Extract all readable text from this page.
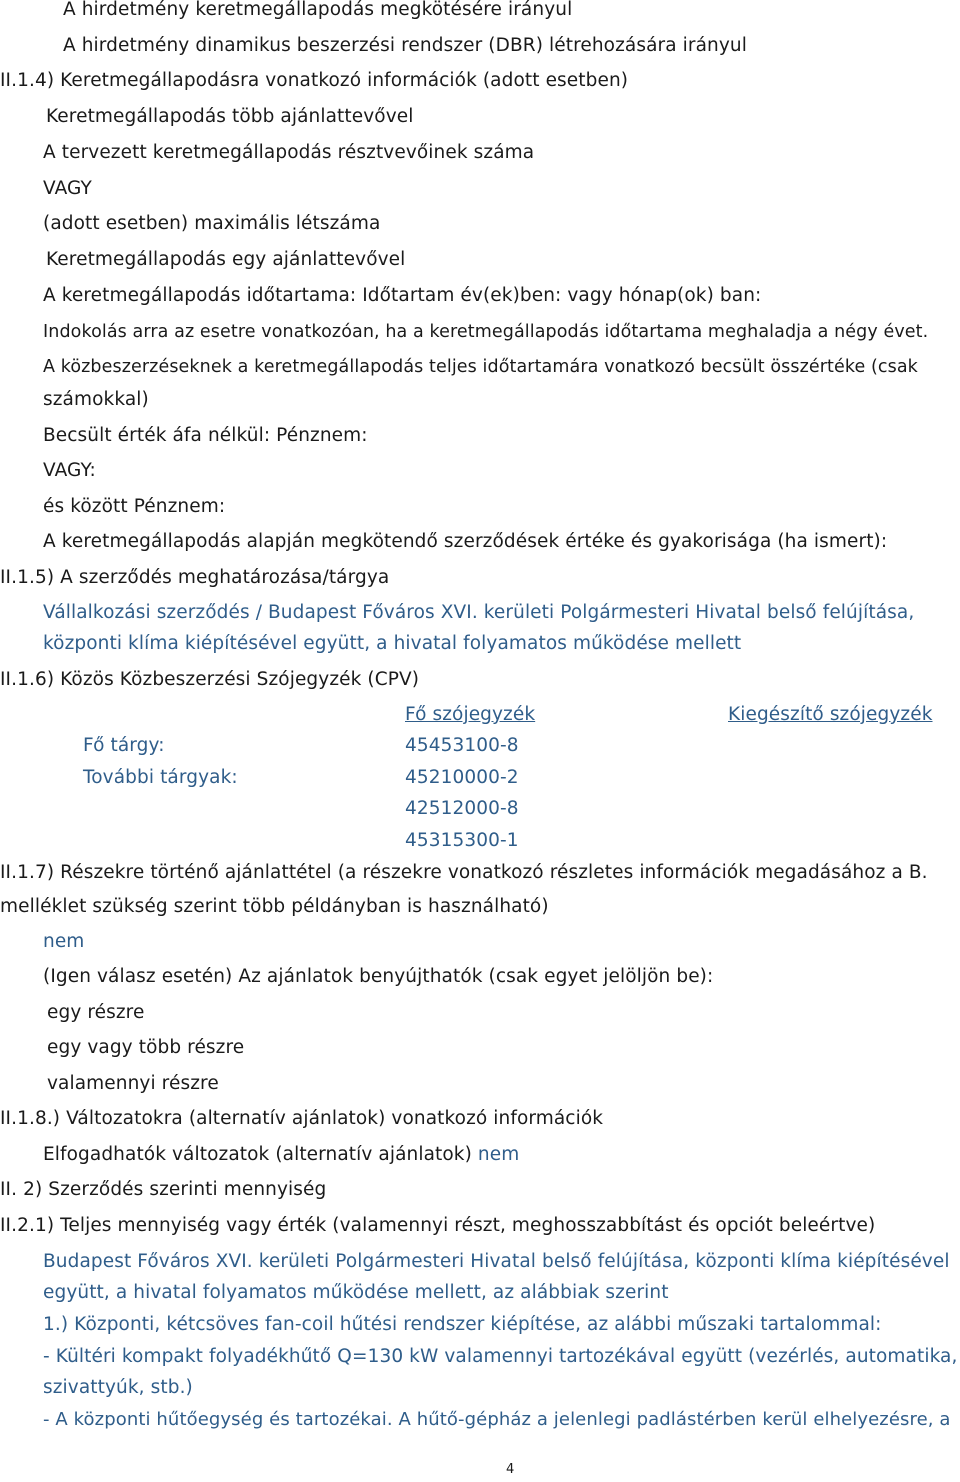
A hirdetmény keretmegállapodás megkötésére irányul
A hirdetmény dinamikus beszerzési rendszer (DBR) létrehozására irányul
II.1.4) Keretmegállapodásra vonatkozó információk (adott esetben)
Keretmegállapodás több ajánlattevővel
A tervezett keretmegállapodás résztvevőinek száma
VAGY
(adott esetben) maximális létszáma
Keretmegállapodás egy ajánlattevővel
A keretmegállapodás időtartama: Időtartam év(ek)ben: vagy hónap(ok) ban:
Indokolás arra az esetre vonatkozóan, ha a keretmegállapodás időtartama meghaladja a négy évet.
A közbeszerzéseknek a keretmegállapodás teljes időtartamára vonatkozó becsült összértéke (csak
számokkal)
Becsült érték áfa nélkül: Pénznem:
VAGY:
és között Pénznem:
A keretmegállapodás alapján megkötendő szerződések értéke és gyakorisága (ha ismert):
II.1.5) A szerződés meghatározása/tárgya
Vállalkozási szerződés / Budapest Főváros XVI. kerületi Polgármesteri Hivatal belső felújítása,
központi klíma kiépítésével együtt, a hivatal folyamatos működése mellett
II.1.6) Közös Közbeszerzési Szójegyzék (CPV)
Fő szójegyzék	Kiegészítő szójegyzék
Fő tárgy:	45453100-8
További tárgyak:	45210000-2
42512000-8
45315300-1
II.1.7) Részekre történő ajánlattétel (a részekre vonatkozó részletes információk megadásához a B.
melléklet szükség szerint több példányban is használható)
nem
(Igen válasz esetén) Az ajánlatok benyújthatók (csak egyet jelöljön be):
egy részre
egy vagy több részre
valamennyi részre
II.1.8.) Változatokra (alternatív ajánlatok) vonatkozó információk
Elfogadhatók változatok (alternatív ajánlatok) nem
II. 2) Szerződés szerinti mennyiség
II.2.1) Teljes mennyiség vagy érték (valamennyi részt, meghosszabbítást és opciót beleértve)
Budapest Főváros XVI. kerületi Polgármesteri Hivatal belső felújítása, központi klíma kiépítésével
együtt, a hivatal folyamatos működése mellett, az alábbiak szerint
1.) Központi, kétcsöves fan-coil hűtési rendszer kiépítése, az alábbi műszaki tartalommal:
- Kültéri kompakt folyadékhűtő Q=130 kW valamennyi tartozékával együtt (vezérlés, automatika,
szivattyúk, stb.)
- A központi hűtőegység és tartozékai. A hűtő-gépház a jelenlegi padlástérben kerül elhelyezésre, a
4
